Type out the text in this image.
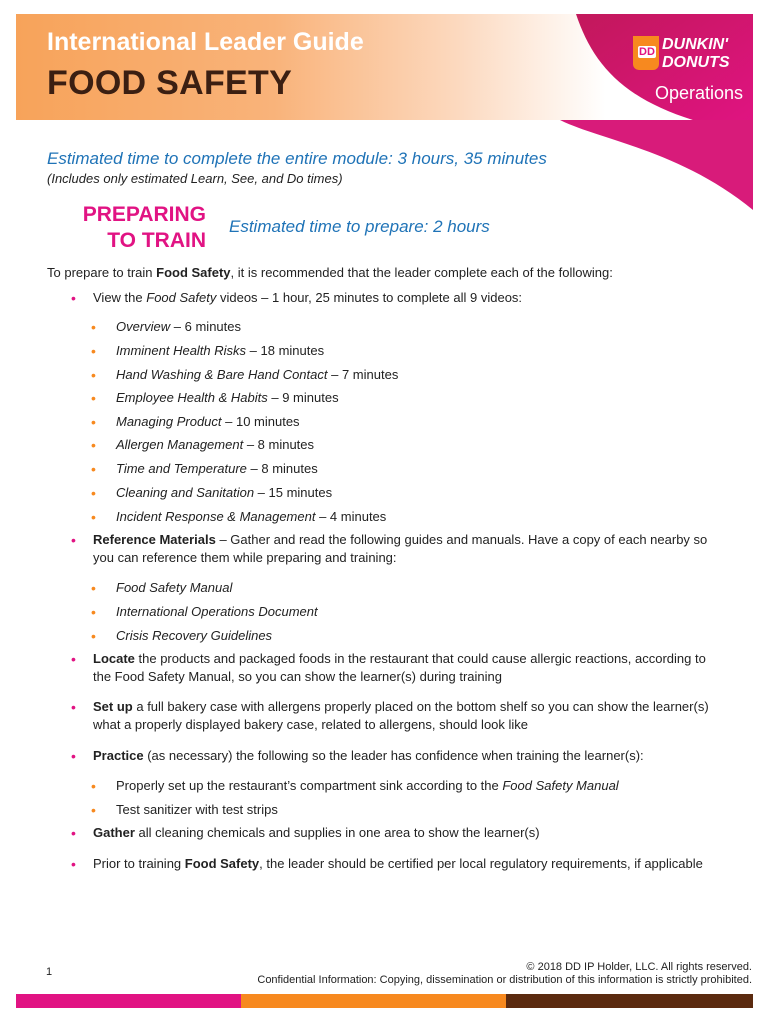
International Leader Guide
FOOD SAFETY
DD DUNKIN'
DONUTS
Operations
Estimated time to complete the entire module: 3 hours, 35 minutes
(Includes only estimated Learn, See, and Do times)
PREPARING
TO TRAIN
Estimated time to prepare: 2 hours
To prepare to train Food Safety, it is recommended that the leader complete each of the following:
• View the Food Safety videos – 1 hour, 25 minutes to complete all 9 videos:
• Overview – 6 minutes
• Imminent Health Risks – 18 minutes
• Hand Washing & Bare Hand Contact – 7 minutes
• Employee Health & Habits – 9 minutes
• Managing Product – 10 minutes
• Allergen Management – 8 minutes
• Time and Temperature – 8 minutes
• Cleaning and Sanitation – 15 minutes
• Incident Response & Management – 4 minutes
• Reference Materials – Gather and read the following guides and manuals. Have a copy of each nearby so you can reference them while preparing and training:
• Food Safety Manual
• International Operations Document
• Crisis Recovery Guidelines
• Locate the products and packaged foods in the restaurant that could cause allergic reactions, according to the Food Safety Manual, so you can show the learner(s) during training
• Set up a full bakery case with allergens properly placed on the bottom shelf so you can show the learner(s) what a properly displayed bakery case, related to allergens, should look like
• Practice (as necessary) the following so the leader has confidence when training the learner(s):
• Properly set up the restaurant’s compartment sink according to the Food Safety Manual
• Test sanitizer with test strips
• Gather all cleaning chemicals and supplies in one area to show the learner(s)
• Prior to training Food Safety, the leader should be certified per local regulatory requirements, if applicable
1	© 2018 DD IP Holder, LLC. All rights reserved.
Confidential Information: Copying, dissemination or distribution of this information is strictly prohibited.
